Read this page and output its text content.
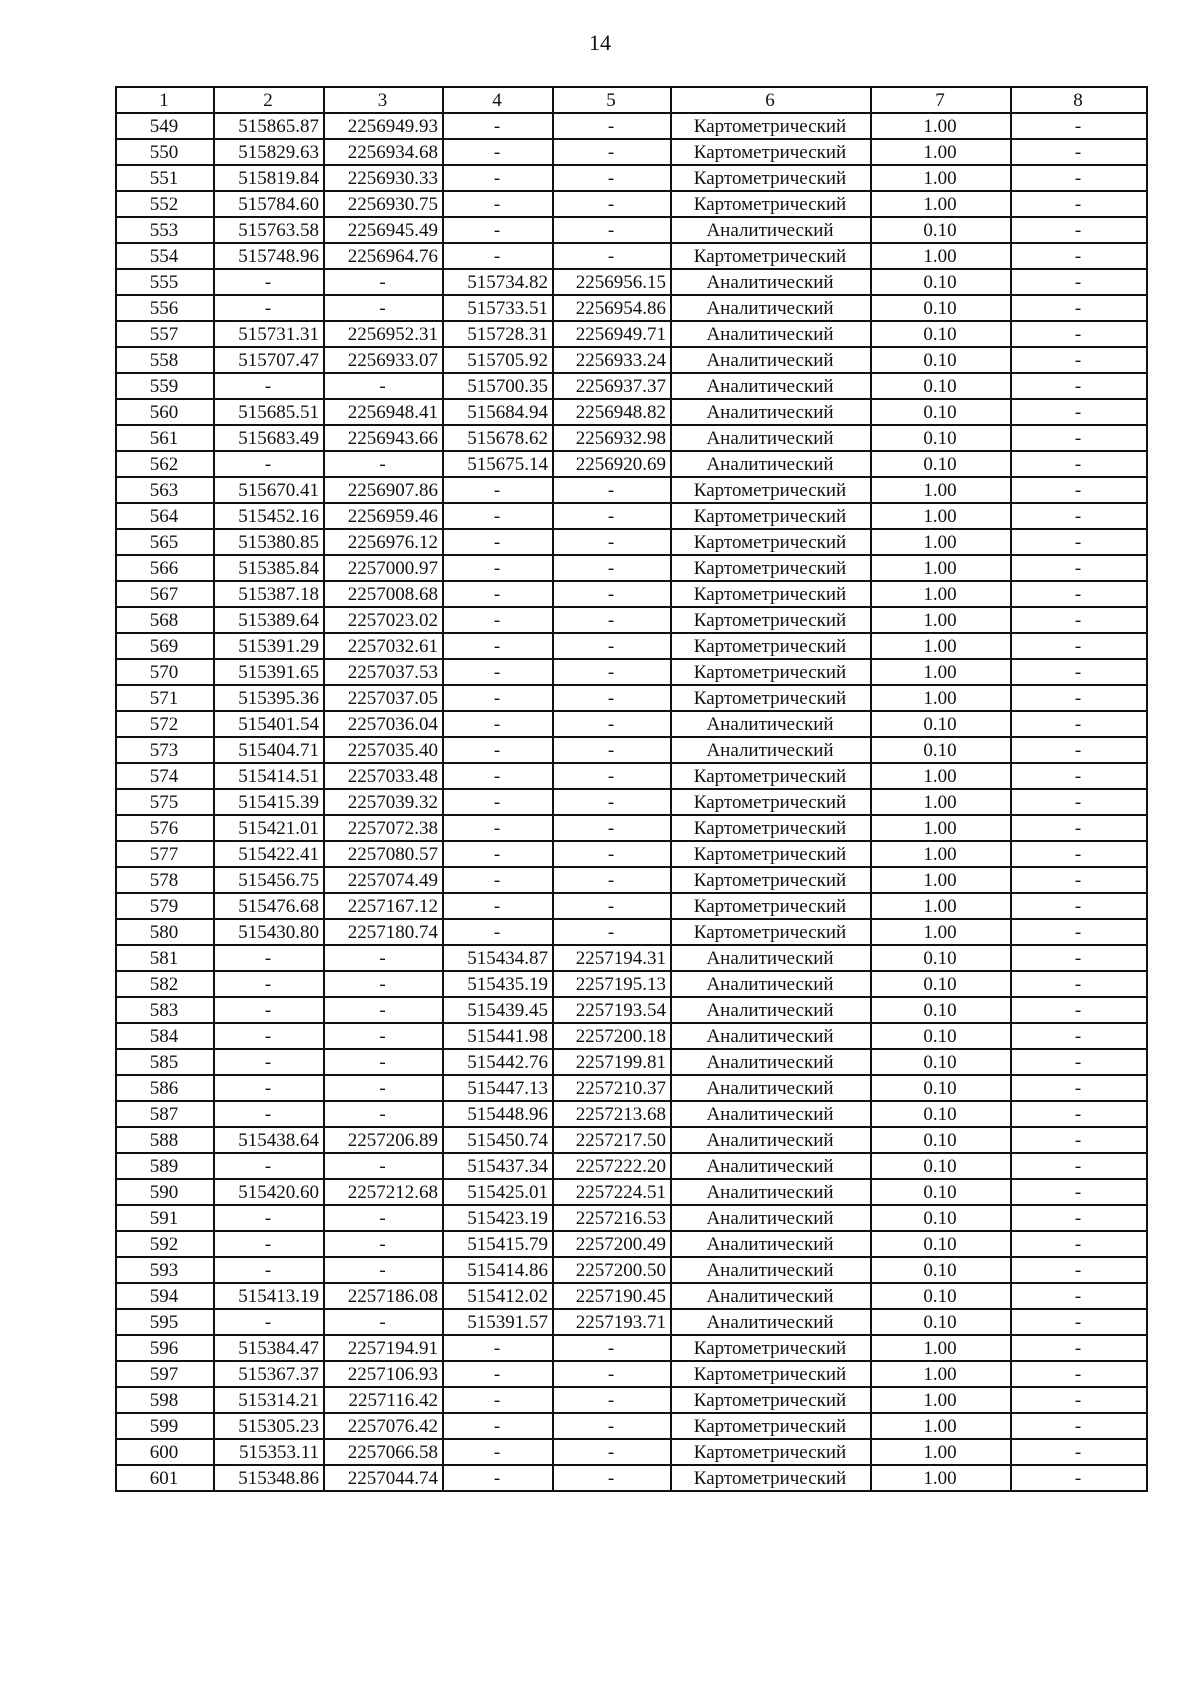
14
1	2	3	4	5	6	7	8
549	515865.87	2256949.93	-	-	Картометрический	1.00	-
550	515829.63	2256934.68	-	-	Картометрический	1.00	-
551	515819.84	2256930.33	-	-	Картометрический	1.00	-
552	515784.60	2256930.75	-	-	Картометрический	1.00	-
553	515763.58	2256945.49	-	-	Аналитический	0.10	-
554	515748.96	2256964.76	-	-	Картометрический	1.00	-
555	-	-	515734.82	2256956.15	Аналитический	0.10	-
556	-	-	515733.51	2256954.86	Аналитический	0.10	-
557	515731.31	2256952.31	515728.31	2256949.71	Аналитический	0.10	-
558	515707.47	2256933.07	515705.92	2256933.24	Аналитический	0.10	-
559	-	-	515700.35	2256937.37	Аналитический	0.10	-
560	515685.51	2256948.41	515684.94	2256948.82	Аналитический	0.10	-
561	515683.49	2256943.66	515678.62	2256932.98	Аналитический	0.10	-
562	-	-	515675.14	2256920.69	Аналитический	0.10	-
563	515670.41	2256907.86	-	-	Картометрический	1.00	-
564	515452.16	2256959.46	-	-	Картометрический	1.00	-
565	515380.85	2256976.12	-	-	Картометрический	1.00	-
566	515385.84	2257000.97	-	-	Картометрический	1.00	-
567	515387.18	2257008.68	-	-	Картометрический	1.00	-
568	515389.64	2257023.02	-	-	Картометрический	1.00	-
569	515391.29	2257032.61	-	-	Картометрический	1.00	-
570	515391.65	2257037.53	-	-	Картометрический	1.00	-
571	515395.36	2257037.05	-	-	Картометрический	1.00	-
572	515401.54	2257036.04	-	-	Аналитический	0.10	-
573	515404.71	2257035.40	-	-	Аналитический	0.10	-
574	515414.51	2257033.48	-	-	Картометрический	1.00	-
575	515415.39	2257039.32	-	-	Картометрический	1.00	-
576	515421.01	2257072.38	-	-	Картометрический	1.00	-
577	515422.41	2257080.57	-	-	Картометрический	1.00	-
578	515456.75	2257074.49	-	-	Картометрический	1.00	-
579	515476.68	2257167.12	-	-	Картометрический	1.00	-
580	515430.80	2257180.74	-	-	Картометрический	1.00	-
581	-	-	515434.87	2257194.31	Аналитический	0.10	-
582	-	-	515435.19	2257195.13	Аналитический	0.10	-
583	-	-	515439.45	2257193.54	Аналитический	0.10	-
584	-	-	515441.98	2257200.18	Аналитический	0.10	-
585	-	-	515442.76	2257199.81	Аналитический	0.10	-
586	-	-	515447.13	2257210.37	Аналитический	0.10	-
587	-	-	515448.96	2257213.68	Аналитический	0.10	-
588	515438.64	2257206.89	515450.74	2257217.50	Аналитический	0.10	-
589	-	-	515437.34	2257222.20	Аналитический	0.10	-
590	515420.60	2257212.68	515425.01	2257224.51	Аналитический	0.10	-
591	-	-	515423.19	2257216.53	Аналитический	0.10	-
592	-	-	515415.79	2257200.49	Аналитический	0.10	-
593	-	-	515414.86	2257200.50	Аналитический	0.10	-
594	515413.19	2257186.08	515412.02	2257190.45	Аналитический	0.10	-
595	-	-	515391.57	2257193.71	Аналитический	0.10	-
596	515384.47	2257194.91	-	-	Картометрический	1.00	-
597	515367.37	2257106.93	-	-	Картометрический	1.00	-
598	515314.21	2257116.42	-	-	Картометрический	1.00	-
599	515305.23	2257076.42	-	-	Картометрический	1.00	-
600	515353.11	2257066.58	-	-	Картометрический	1.00	-
601	515348.86	2257044.74	-	-	Картометрический	1.00	-
